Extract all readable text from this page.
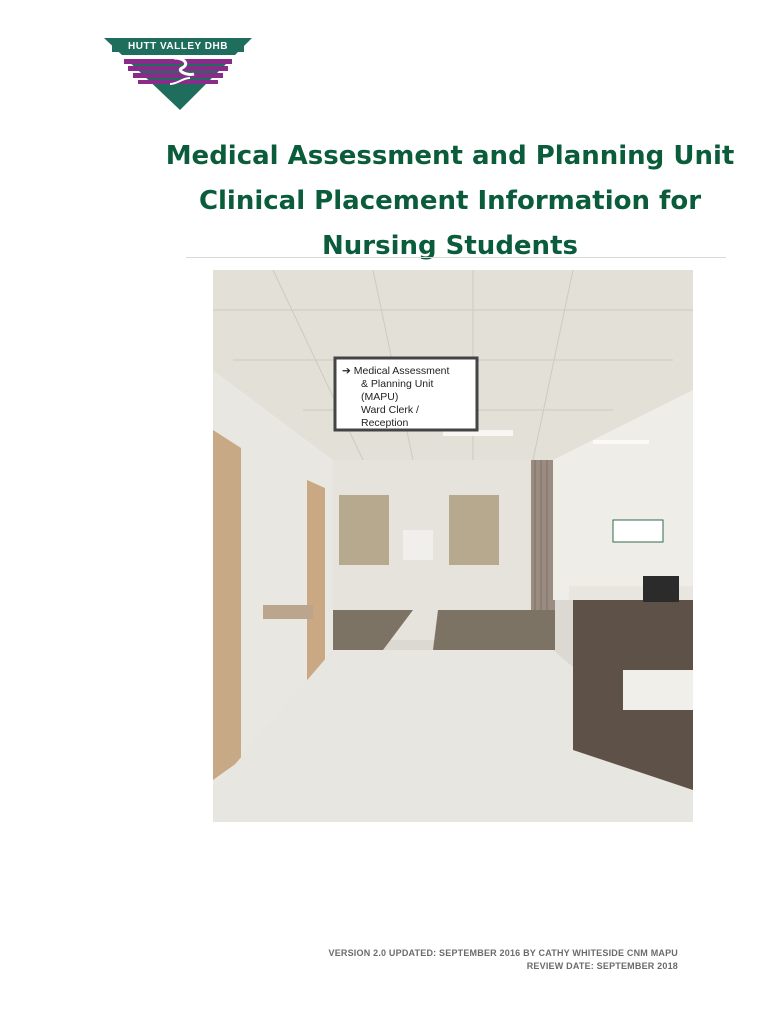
HUTT VALLEY DHB
Medical Assessment and Planning Unit
Clinical Placement Information for
Nursing Students
➔ Medical Assessment
& Planning Unit
(MAPU)
Ward Clerk /
Reception
VERSION 2.0 UPDATED: SEPTEMBER 2016 BY CATHY WHITESIDE CNM MAPU
REVIEW DATE: SEPTEMBER 2018
